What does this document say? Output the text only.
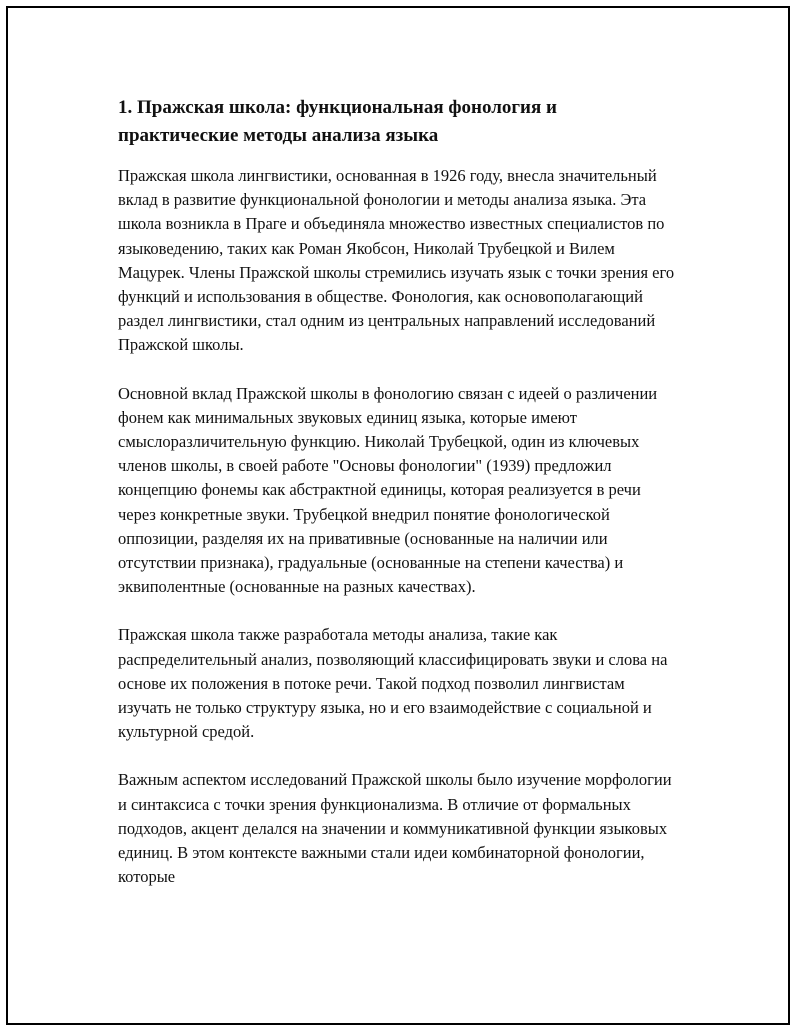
1. Пражская школа: функциональная фонология и практические методы анализа языка

Пражская школа лингвистики, основанная в 1926 году, внесла значительный вклад в развитие функциональной фонологии и методы анализа языка. Эта школа возникла в Праге и объединяла множество известных специалистов по языковедению, таких как Роман Якобсон, Николай Трубецкой и Вилем Мацурек. Члены Пражской школы стремились изучать язык с точки зрения его функций и использования в обществе. Фонология, как основополагающий раздел лингвистики, стал одним из центральных направлений исследований Пражской школы.

Основной вклад Пражской школы в фонологию связан с идеей о различении фонем как минимальных звуковых единиц языка, которые имеют смыслоразличительную функцию. Николай Трубецкой, один из ключевых членов школы, в своей работе "Основы фонологии" (1939) предложил концепцию фонемы как абстрактной единицы, которая реализуется в речи через конкретные звуки. Трубецкой внедрил понятие фонологической оппозиции, разделяя их на привативные (основанные на наличии или отсутствии признака), градуальные (основанные на степени качества) и эквиполентные (основанные на разных качествах).

Пражская школа также разработала методы анализа, такие как распределительный анализ, позволяющий классифицировать звуки и слова на основе их положения в потоке речи. Такой подход позволил лингвистам изучать не только структуру языка, но и его взаимодействие с социальной и культурной средой.

Важным аспектом исследований Пражской школы было изучение морфологии и синтаксиса с точки зрения функционализма. В отличие от формальных подходов, акцент делался на значении и коммуникативной функции языковых единиц. В этом контексте важными стали идеи комбинаторной фонологии, которые
